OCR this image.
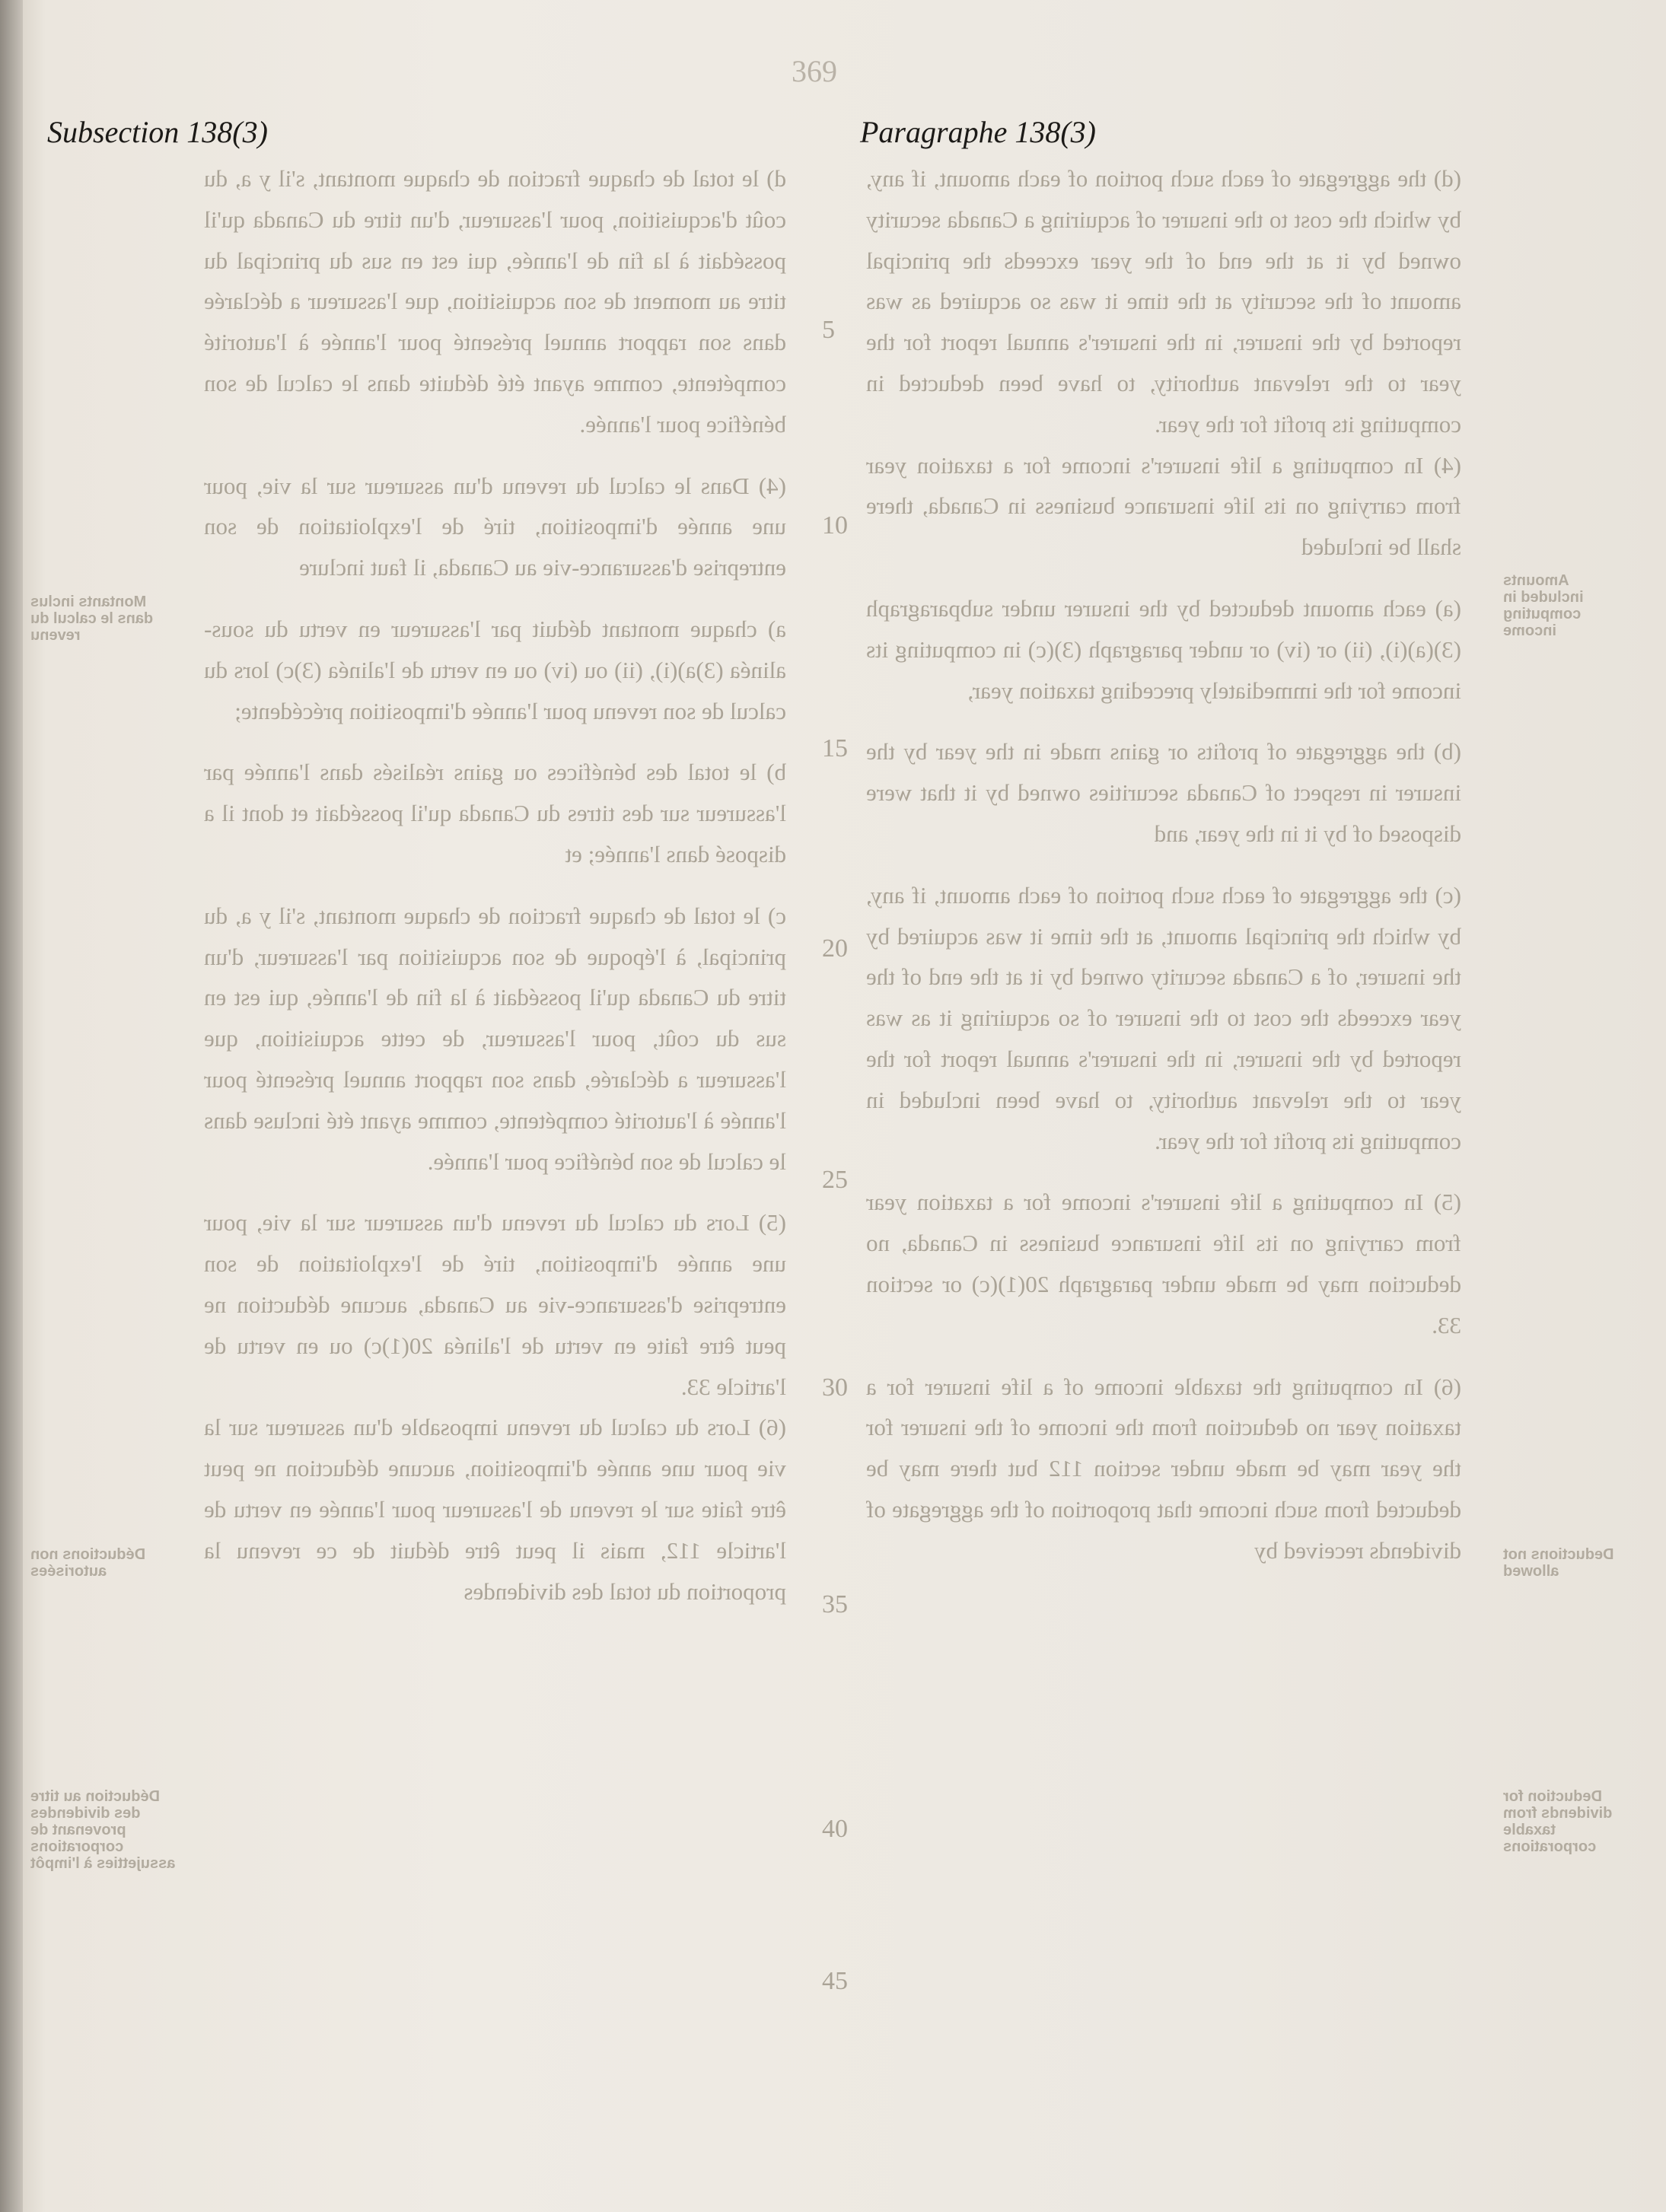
369
Subsection 138(3)	Paragraphe 138(3)

d) le total de chaque fraction de chaque montant, s'il y a, du coût d'acquisition, pour l'assureur, d'un titre du Canada qu'il possédait à la fin de l'année, qui est en sus du principal du titre au moment de son acquisition, que l'assureur a déclarée dans son rapport annuel présenté pour l'année à l'autorité compétente, comme ayant été déduite dans le calcul de son bénéfice pour l'année.

(4) Dans le calcul du revenu d'un assureur sur la vie, pour une année d'imposition, tiré de l'exploitation de son entreprise d'assurance-vie au Canada, il faut inclure

a) chaque montant déduit par l'assureur en vertu du sous-alinéa (3)a)(i), (ii) ou (iv) ou en vertu de l'alinéa (3)c) lors du calcul de son revenu pour l'année d'imposition précédente;

b) le total des bénéfices ou gains réalisés dans l'année par l'assureur sur des titres du Canada qu'il possédait et dont il a disposé dans l'année; et

c) le total de chaque fraction de chaque montant, s'il y a, du principal, à l'époque de son acquisition par l'assureur, d'un titre du Canada qu'il possédait à la fin de l'année, qui est en sus du coût, pour l'assureur, de cette acquisition, que l'assureur a déclarée, dans son rapport annuel présenté pour l'année à l'autorité compétente, comme ayant été incluse dans le calcul de son bénéfice pour l'année.

(5) Lors du calcul du revenu d'un assureur sur la vie, pour une année d'imposition, tiré de l'exploitation de son entreprise d'assurance-vie au Canada, aucune déduction ne peut être faite en vertu de l'alinéa 20(1)c) ou en vertu de l'article 33.

(6) Lors du calcul du revenu imposable d'un assureur sur la vie pour une année d'imposition, aucune déduction ne peut être faite sur le revenu de l'assureur pour l'année en vertu de l'article 112, mais il peut être déduit de ce revenu la proportion du total des dividendes

(d) the aggregate of each such portion of each amount, if any, by which the cost to the insurer of acquiring a Canada security owned by it at the end of the year exceeds the principal amount of the security at the time it was so acquired as was reported by the insurer, in the insurer's annual report for the year to the relevant authority, to have been deducted in computing its profit for the year.

(4) In computing a life insurer's income for a taxation year from carrying on its life insurance business in Canada, there shall be included

(a) each amount deducted by the insurer under subparagraph (3)(a)(i), (ii) or (iv) or under paragraph (3)(c) in computing its income for the immediately preceding taxation year,

(b) the aggregate of profits or gains made in the year by the insurer in respect of Canada securities owned by it that were disposed of by it in the year, and

(c) the aggregate of each such portion of each amount, if any, by which the principal amount, at the time it was acquired by the insurer, of a Canada security owned by it at the end of the year exceeds the cost to the insurer of so acquiring it as was reported by the insurer, in the insurer's annual report for the year to the relevant authority, to have been included in computing its profit for the year.

(5) In computing a life insurer's income for a taxation year from carrying on its life insurance business in Canada, no deduction may be made under paragraph 20(1)(c) or section 33.

(6) In computing the taxable income of a life insurer for a taxation year no deduction from the income of the insurer for the year may be made under section 112 but there may be deducted from such income that proportion of the aggregate of dividends received by

5
10
15
20
25
30
35
40
45
Montants inclus dans le calcul du revenu
Déductions non autorisées
Déduction au titre des dividendes provenant de corporations assujetties à l'impôt
Amounts included in computing income
Deductions not allowed
Deduction for dividends from taxable corporations
